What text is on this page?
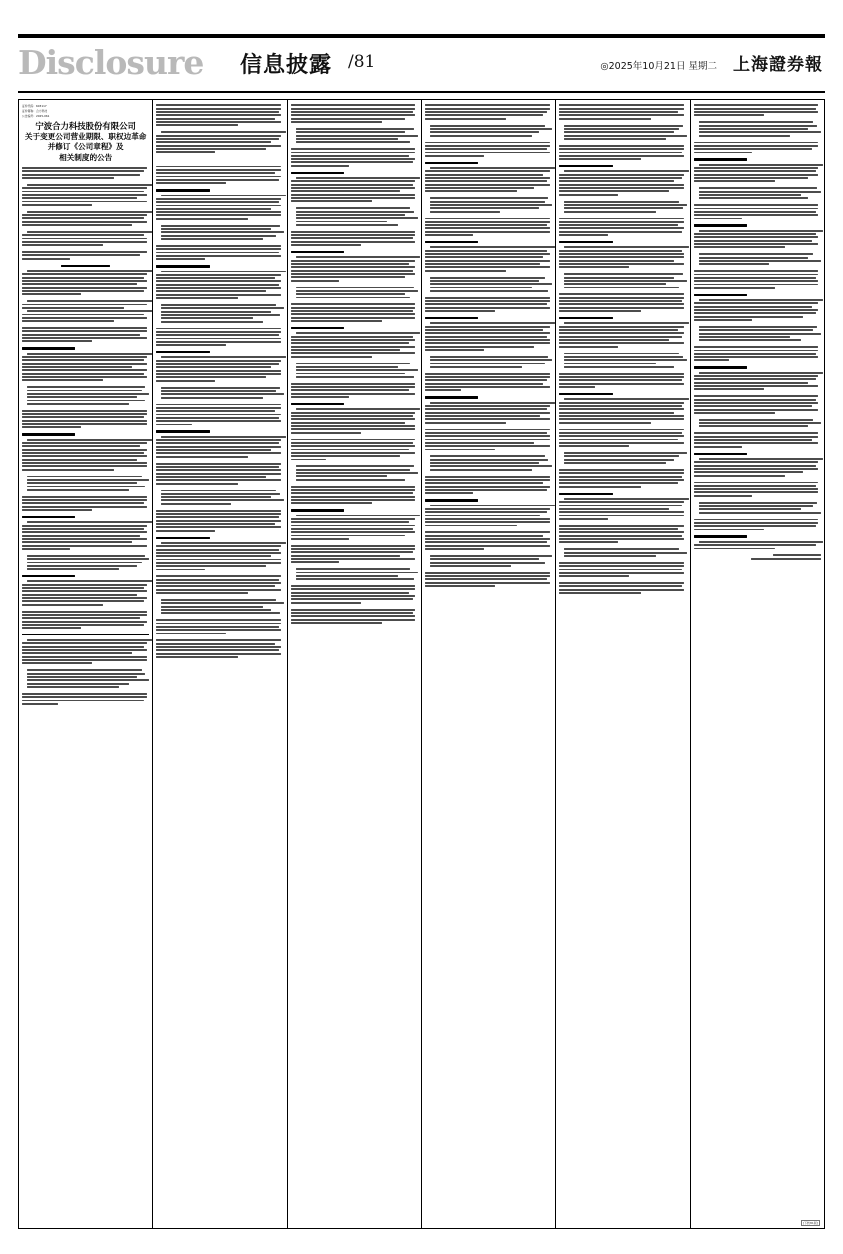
Disclosure 信息披露 /81	◎2025年10月21日 星期二 上海證券報
证券代码：603117
证券简称：合力科技
公告编号：2025-061
宁波合力科技股份有限公司
关于变更公司营业期限、职权边革命并修订《公司章程》及
相关制度的公告
[下转81版]
